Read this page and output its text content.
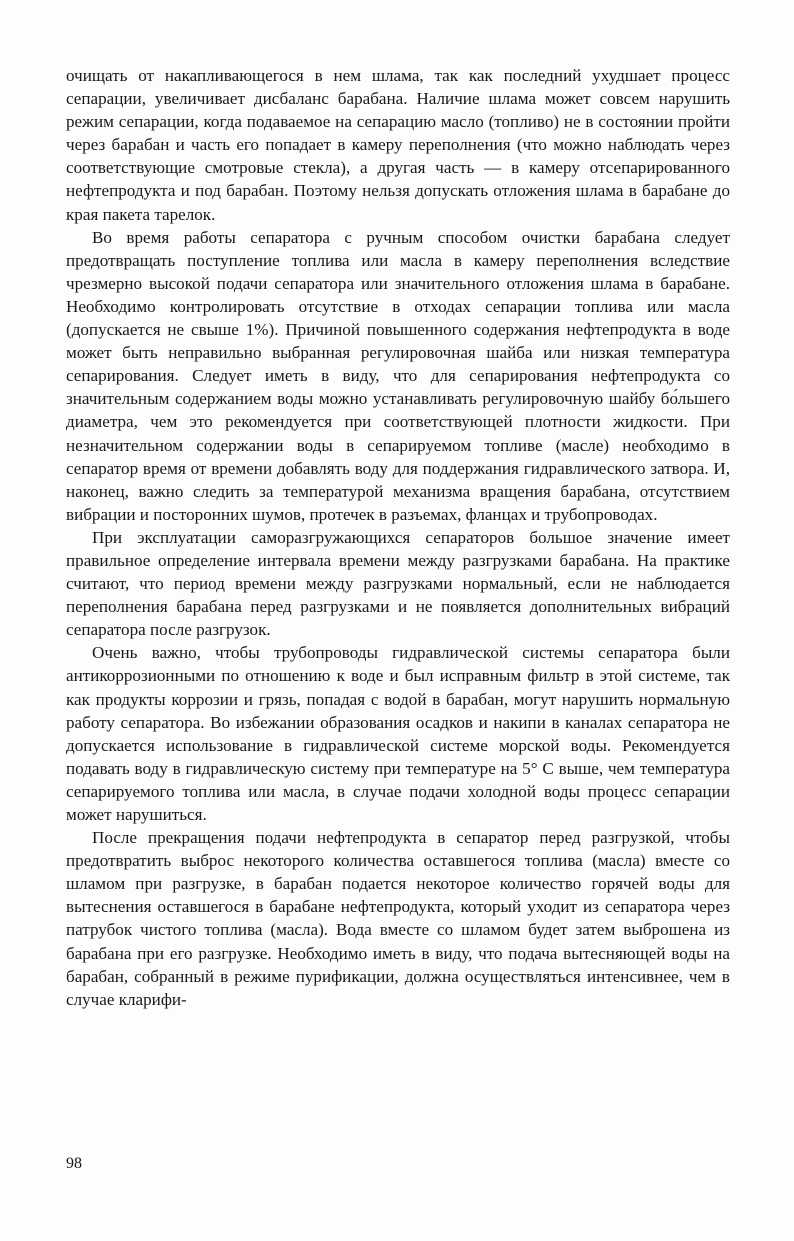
очищать от накапливающегося в нем шлама, так как последний ухудшает процесс сепарации, увеличивает дисбаланс барабана. Наличие шлама может совсем нарушить режим сепарации, когда подаваемое на сепарацию масло (топливо) не в состоянии пройти через барабан и часть его попадает в камеру переполнения (что можно наблюдать через соответствующие смотровые стекла), а другая часть — в камеру отсепарированного нефтепродукта и под барабан. Поэтому нельзя допускать отложения шлама в барабане до края пакета тарелок.

Во время работы сепаратора с ручным способом очистки барабана следует предотвращать поступление топлива или масла в камеру переполнения вследствие чрезмерно высокой подачи сепаратора или значительного отложения шлама в барабане. Необходимо контролировать отсутствие в отходах сепарации топлива или масла (допускается не свыше 1%). Причиной повышенного содержания нефтепродукта в воде может быть неправильно выбранная регулировочная шайба или низкая температура сепарирования. Следует иметь в виду, что для сепарирования нефтепродукта со значительным содержанием воды можно устанавливать регулировочную шайбу бо́льшего диаметра, чем это рекомендуется при соответствующей плотности жидкости. При незначительном содержании воды в сепарируемом топливе (масле) необходимо в сепаратор время от времени добавлять воду для поддержания гидравлического затвора. И, наконец, важно следить за температурой механизма вращения барабана, отсутствием вибрации и посторонних шумов, протечек в разъемах, фланцах и трубопроводах.

При эксплуатации саморазгружающихся сепараторов большое значение имеет правильное определение интервала времени между разгрузками барабана. На практике считают, что период времени между разгрузками нормальный, если не наблюдается переполнения барабана перед разгрузками и не появляется дополнительных вибраций сепаратора после разгрузок.

Очень важно, чтобы трубопроводы гидравлической системы сепаратора были антикоррозионными по отношению к воде и был исправным фильтр в этой системе, так как продукты коррозии и грязь, попадая с водой в барабан, могут нарушить нормальную работу сепаратора. Во избежании образования осадков и накипи в каналах сепаратора не допускается использование в гидравлической системе морской воды. Рекомендуется подавать воду в гидравлическую систему при температуре на 5° С выше, чем температура сепарируемого топлива или масла, в случае подачи холодной воды процесс сепарации может нарушиться.

После прекращения подачи нефтепродукта в сепаратор перед разгрузкой, чтобы предотвратить выброс некоторого количества оставшегося топлива (масла) вместе со шламом при разгрузке, в барабан подается некоторое количество горячей воды для вытеснения оставшегося в барабане нефтепродукта, который уходит из сепаратора через патрубок чистого топлива (масла). Вода вместе со шламом будет затем выброшена из барабана при его разгрузке. Необходимо иметь в виду, что подача вытесняющей воды на барабан, собранный в режиме пурификации, должна осуществляться интенсивнее, чем в случае кларифи-

98
